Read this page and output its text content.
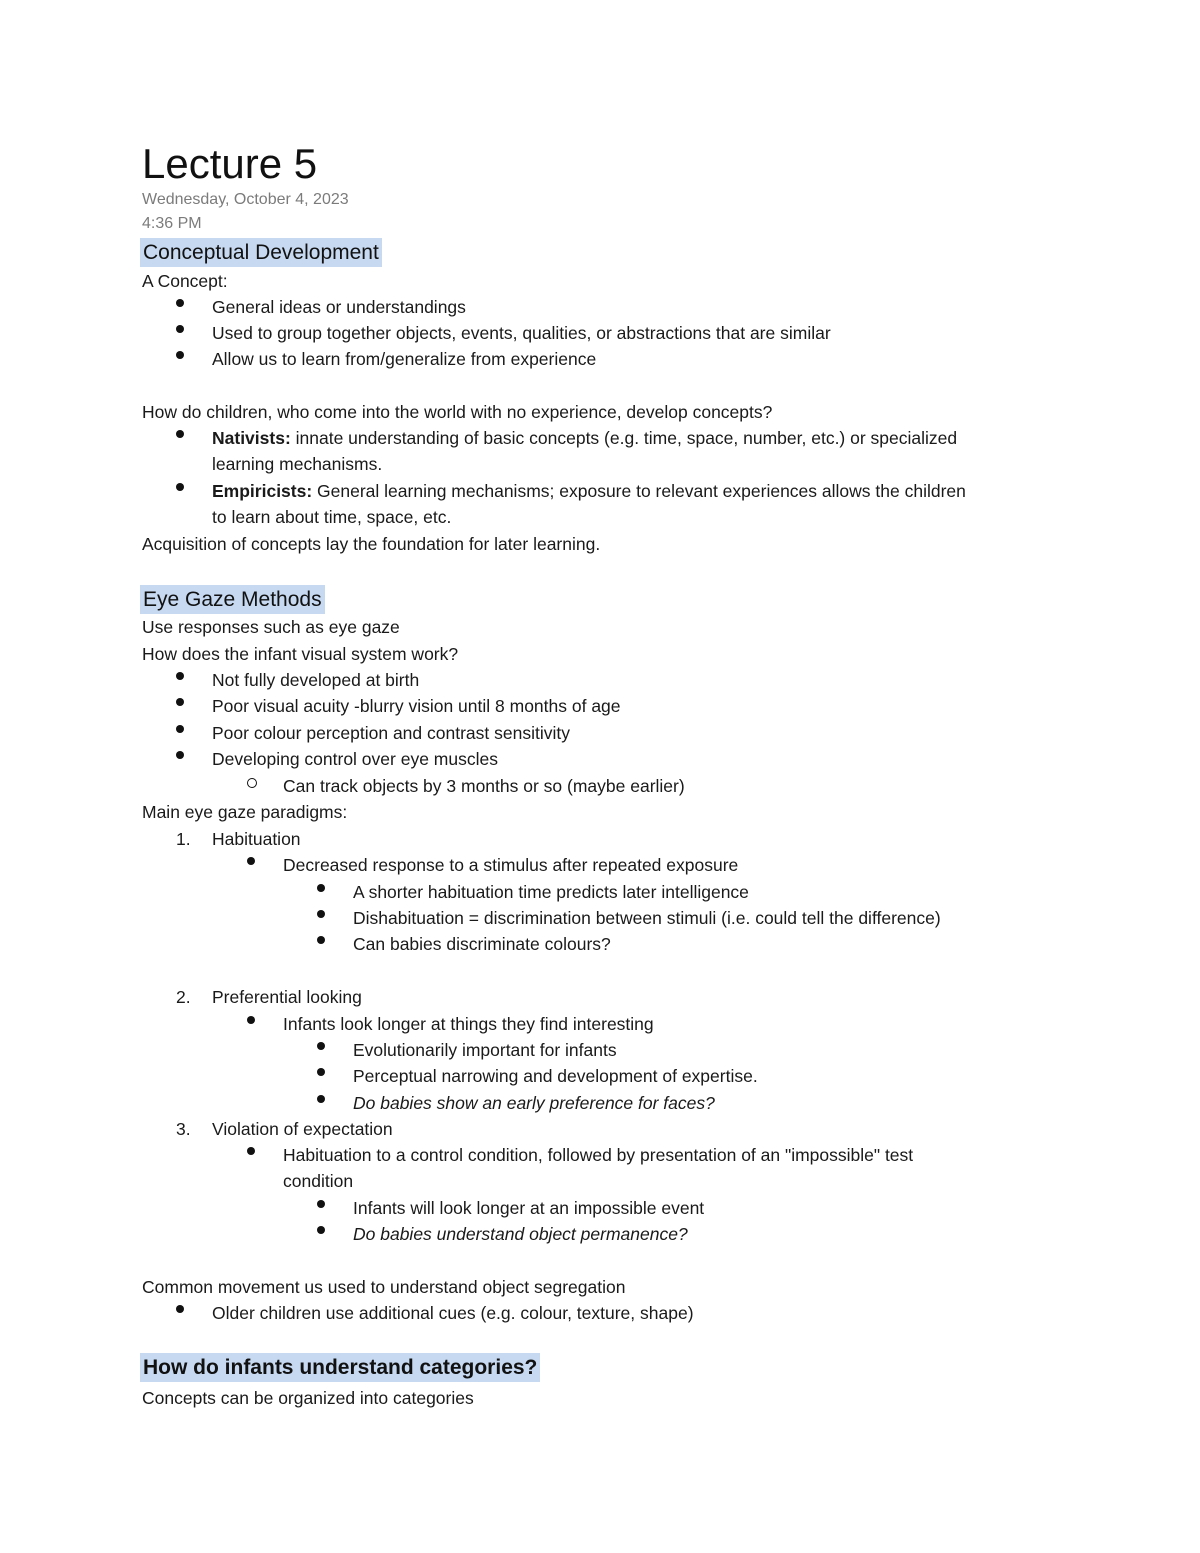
Lecture 5
Wednesday, October 4, 2023
4:36 PM
Conceptual Development
A Concept:
General ideas or understandings
Used to group together objects, events, qualities, or abstractions that are similar
Allow us to learn from/generalize from experience
How do children, who come into the world with no experience, develop concepts?
Nativists: innate understanding of basic concepts (e.g. time, space, number, etc.) or specialized
learning mechanisms.
Empiricists: General learning mechanisms; exposure to relevant experiences allows the children
to learn about time, space, etc.
Acquisition of concepts lay the foundation for later learning.
Eye Gaze Methods
Use responses such as eye gaze
How does the infant visual system work?
Not fully developed at birth
Poor visual acuity -blurry vision until 8 months of age
Poor colour perception and contrast sensitivity
Developing control over eye muscles
Can track objects by 3 months or so (maybe earlier)
Main eye gaze paradigms:
1. Habituation
Decreased response to a stimulus after repeated exposure
A shorter habituation time predicts later intelligence
Dishabituation = discrimination between stimuli (i.e. could tell the difference)
Can babies discriminate colours?
2. Preferential looking
Infants look longer at things they find interesting
Evolutionarily important for infants
Perceptual narrowing and development of expertise.
Do babies show an early preference for faces?
3. Violation of expectation
Habituation to a control condition, followed by presentation of an "impossible" test
condition
Infants will look longer at an impossible event
Do babies understand object permanence?
Common movement us used to understand object segregation
Older children use additional cues (e.g. colour, texture, shape)
How do infants understand categories?
Concepts can be organized into categories
